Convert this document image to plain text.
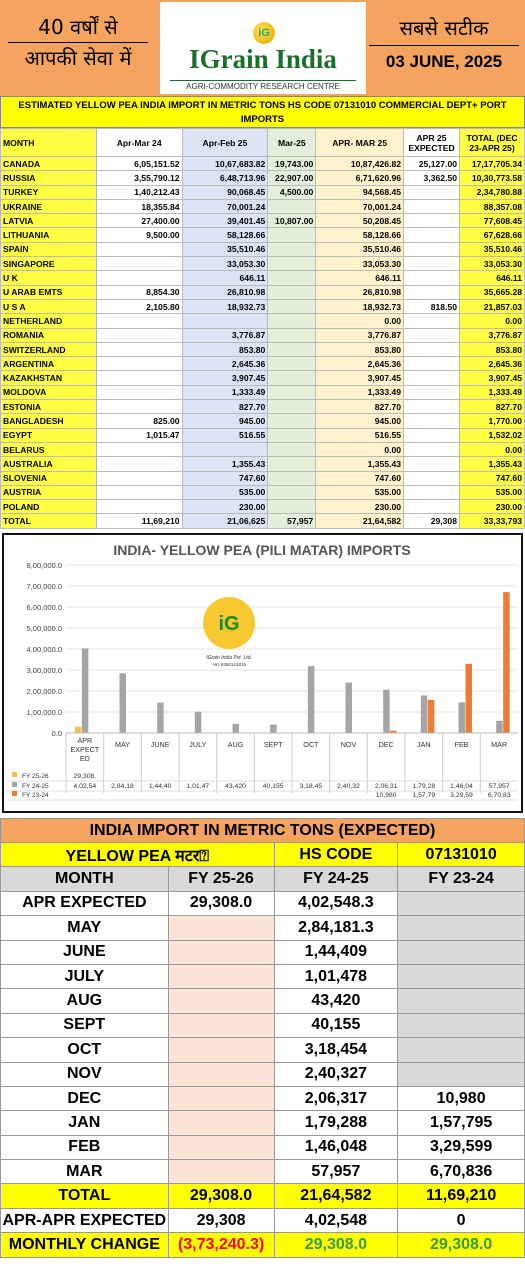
40 वर्षों से
आपकी सेवा में
iG
IGrain India
AGRI-COMMODITY RESEARCH CENTRE
सबसे सटीक
03 JUNE, 2025
ESTIMATED YELLOW PEA INDIA IMPORT IN METRIC TONS HS CODE 07131010 COMMERCIAL DEPT+ PORT IMPORTS
MONTH	Apr-Mar 24	Apr-Feb 25	Mar-25	APR- MAR 25	APR 25 EXPECTED	TOTAL (DEC 23-APR 25)
CANADA	6,05,151.52	10,67,683.82	19,743.00	10,87,426.82	25,127.00	17,17,705.34
RUSSIA	3,55,790.12	6,48,713.96	22,907.00	6,71,620.96	3,362.50	10,30,773.58
TURKEY	1,40,212.43	90,068.45	4,500.00	94,568.45		2,34,780.88
UKRAINE	18,355.84	70,001.24		70,001.24		88,357.08
LATVIA	27,400.00	39,401.45	10,807.00	50,208.45		77,608.45
LITHUANIA	9,500.00	58,128.66		58,128.66		67,628.66
SPAIN		35,510.46		35,510.46		35,510.46
SINGAPORE		33,053.30		33,053.30		33,053.30
U K		646.11		646.11		646.11
U ARAB EMTS	8,854.30	26,810.98		26,810.98		35,665.28
U S A	2,105.80	18,932.73		18,932.73	818.50	21,857.03
NETHERLAND				0.00		0.00
ROMANIA		3,776.87		3,776.87		3,776.87
SWITZERLAND		853.80		853.80		853.80
ARGENTINA		2,645.36		2,645.36		2,645.36
KAZAKHSTAN		3,907.45		3,907.45		3,907.45
MOLDOVA		1,333.49		1,333.49		1,333.49
ESTONIA		827.70		827.70		827.70
BANGLADESH	825.00	945.00		945.00		1,770.00
EGYPT	1,015.47	516.55		516.55		1,532.02
BELARUS				0.00		0.00
AUSTRALIA		1,355.43		1,355.43		1,355.43
SLOVENIA		747.60		747.60		747.60
AUSTRIA		535.00		535.00		535.00
POLAND		230.00		230.00		230.00
TOTAL	11,69,210	21,06,625	57,957	21,64,582	29,308	33,33,793
INDIA- YELLOW PEA (PILI MATAR) IMPORTS
0.0
1,00,000.0
2,00,000.0
3,00,000.0
4,00,000.0
5,00,000.0
6,00,000.0
7,00,000.0
8,00,000.0
iG
IGrain India Pvt. Ltd.
+91 9350141815
APR
EXPECT
ED
MAY	JUNE	JULY	AUG	SEPT	OCT	NOV	DEC	JAN	FEB	MAR
FY 25-26	29,308.
FY 24-25	4,02,54 2,84,18 1,44,40 1,01,47 43,420 40,155 3,18,45 2,40,32 2,06,31 1,79,28 1,46,04 57,957
FY 23-24	10,980 1,57,79 3,29,59 6,70,83
INDIA IMPORT IN METRIC TONS (EXPECTED)			
YELLOW PEA मटर⍰		HS CODE	07131010
MONTH	FY 25-26	FY 24-25	FY 23-24
APR EXPECTED	29,308.0	4,02,548.3	
MAY		2,84,181.3	
JUNE		1,44,409	
JULY		1,01,478	
AUG		43,420	
SEPT		40,155	
OCT		3,18,454	
NOV		2,40,327	
DEC		2,06,317	10,980
JAN		1,79,288	1,57,795
FEB		1,46,048	3,29,599
MAR		57,957	6,70,836
TOTAL	29,308.0	21,64,582	11,69,210
APR-APR EXPECTED	29,308	4,02,548	0
MONTHLY CHANGE	(3,73,240.3)	29,308.0	29,308.0
